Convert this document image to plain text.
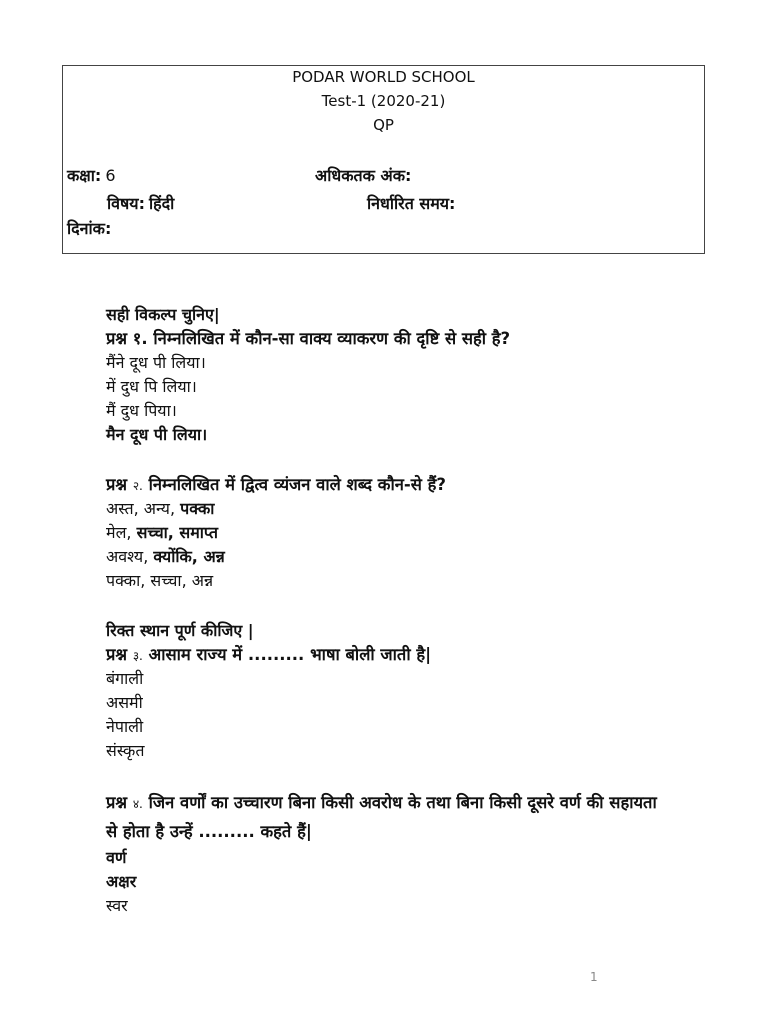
PODAR WORLD SCHOOL
Test-1 (2020-21)
QP
कक्षा: 6	अधिकतक अंक:
विषय: हिंदी	निर्धारित समय:
दिनांक:
सही विकल्प चुनिए|
प्रश्न १. निम्नलिखित में कौन-सा वाक्य व्याकरण की दृष्टि से सही है?
मैंने दूध पी लिया।
में दुध पि लिया।
मैं दुध पिया।
मैन दूध पी लिया।
प्रश्न २. निम्नलिखित में द्वित्व व्यंजन वाले शब्द कौन-से हैं?
अस्त, अन्य, पक्का
मेल, सच्चा, समाप्त
अवश्य, क्योंकि, अन्न
पक्का, सच्चा, अन्न
रिक्त स्थान पूर्ण कीजिए |
प्रश्न ३. आसाम राज्य में ......... भाषा बोली जाती है|
बंगाली
असमी
नेपाली
संस्कृत
प्रश्न ४. जिन वर्णों का उच्चारण बिना किसी अवरोध के तथा बिना किसी दूसरे वर्ण की सहायता से होता है उन्हें ......... कहते हैं|
वर्ण
अक्षर
स्वर
1
